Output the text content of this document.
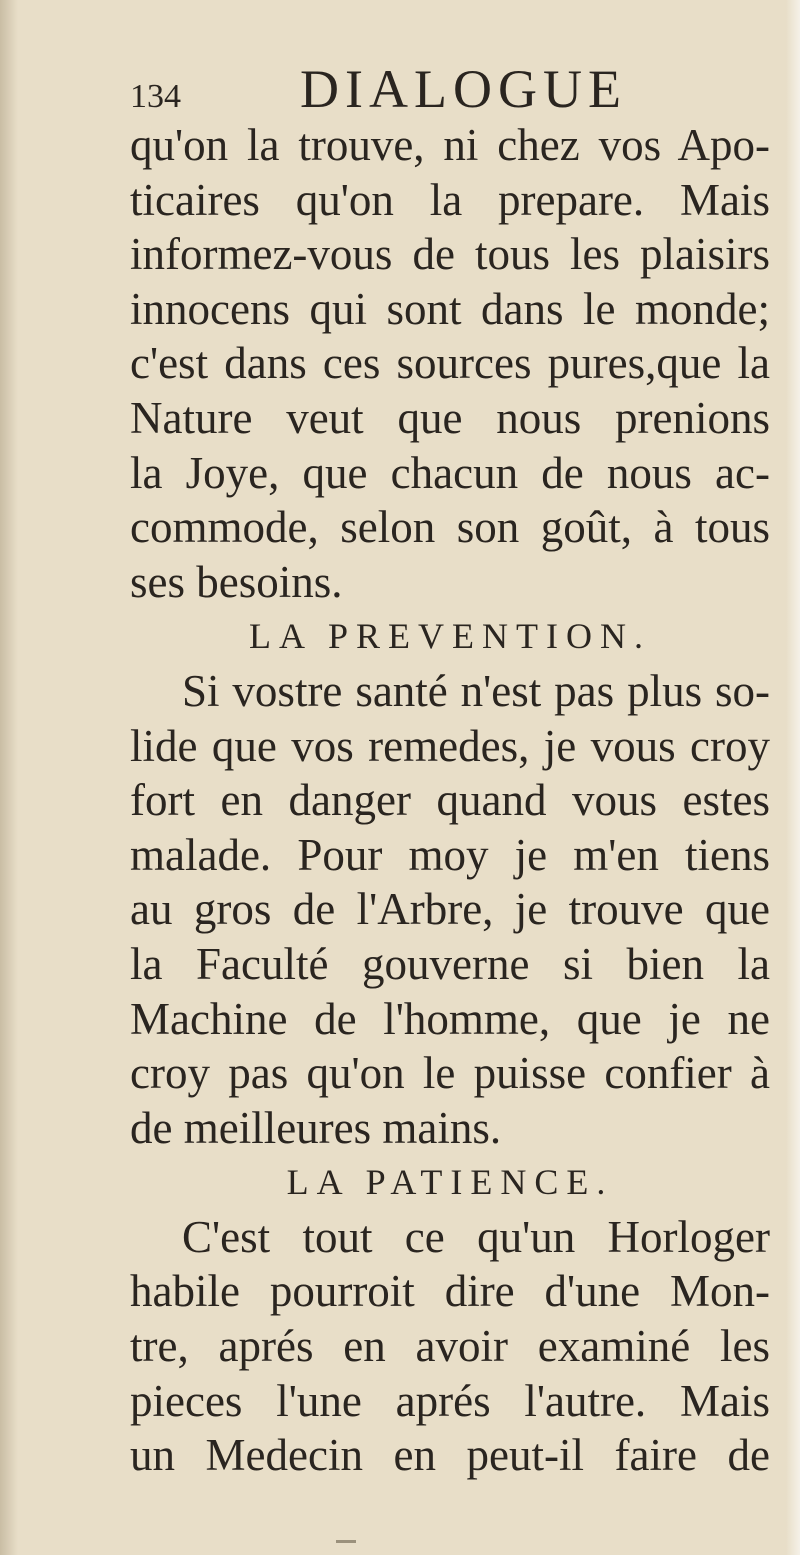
134	DIALOGUE
qu'on la trouve, ni chez vos Apo-
ticaires qu'on la prepare. Mais
informez-vous de tous les plaisirs
innocens qui sont dans le monde;
c'est dans ces sources pures,que la
Nature veut que nous prenions
la Joye, que chacun de nous ac-
commode, selon son goût, à tous
ses besoins.
LA PREVENTION.
Si vostre santé n'est pas plus so-
lide que vos remedes, je vous croy
fort en danger quand vous estes
malade. Pour moy je m'en tiens
au gros de l'Arbre, je trouve que
la Faculté gouverne si bien la
Machine de l'homme, que je ne
croy pas qu'on le puisse confier à
de meilleures mains.
LA PATIENCE.
C'est tout ce qu'un Horloger
habile pourroit dire d'une Mon-
tre, aprés en avoir examiné les
pieces l'une aprés l'autre. Mais
un Medecin en peut-il faire de
